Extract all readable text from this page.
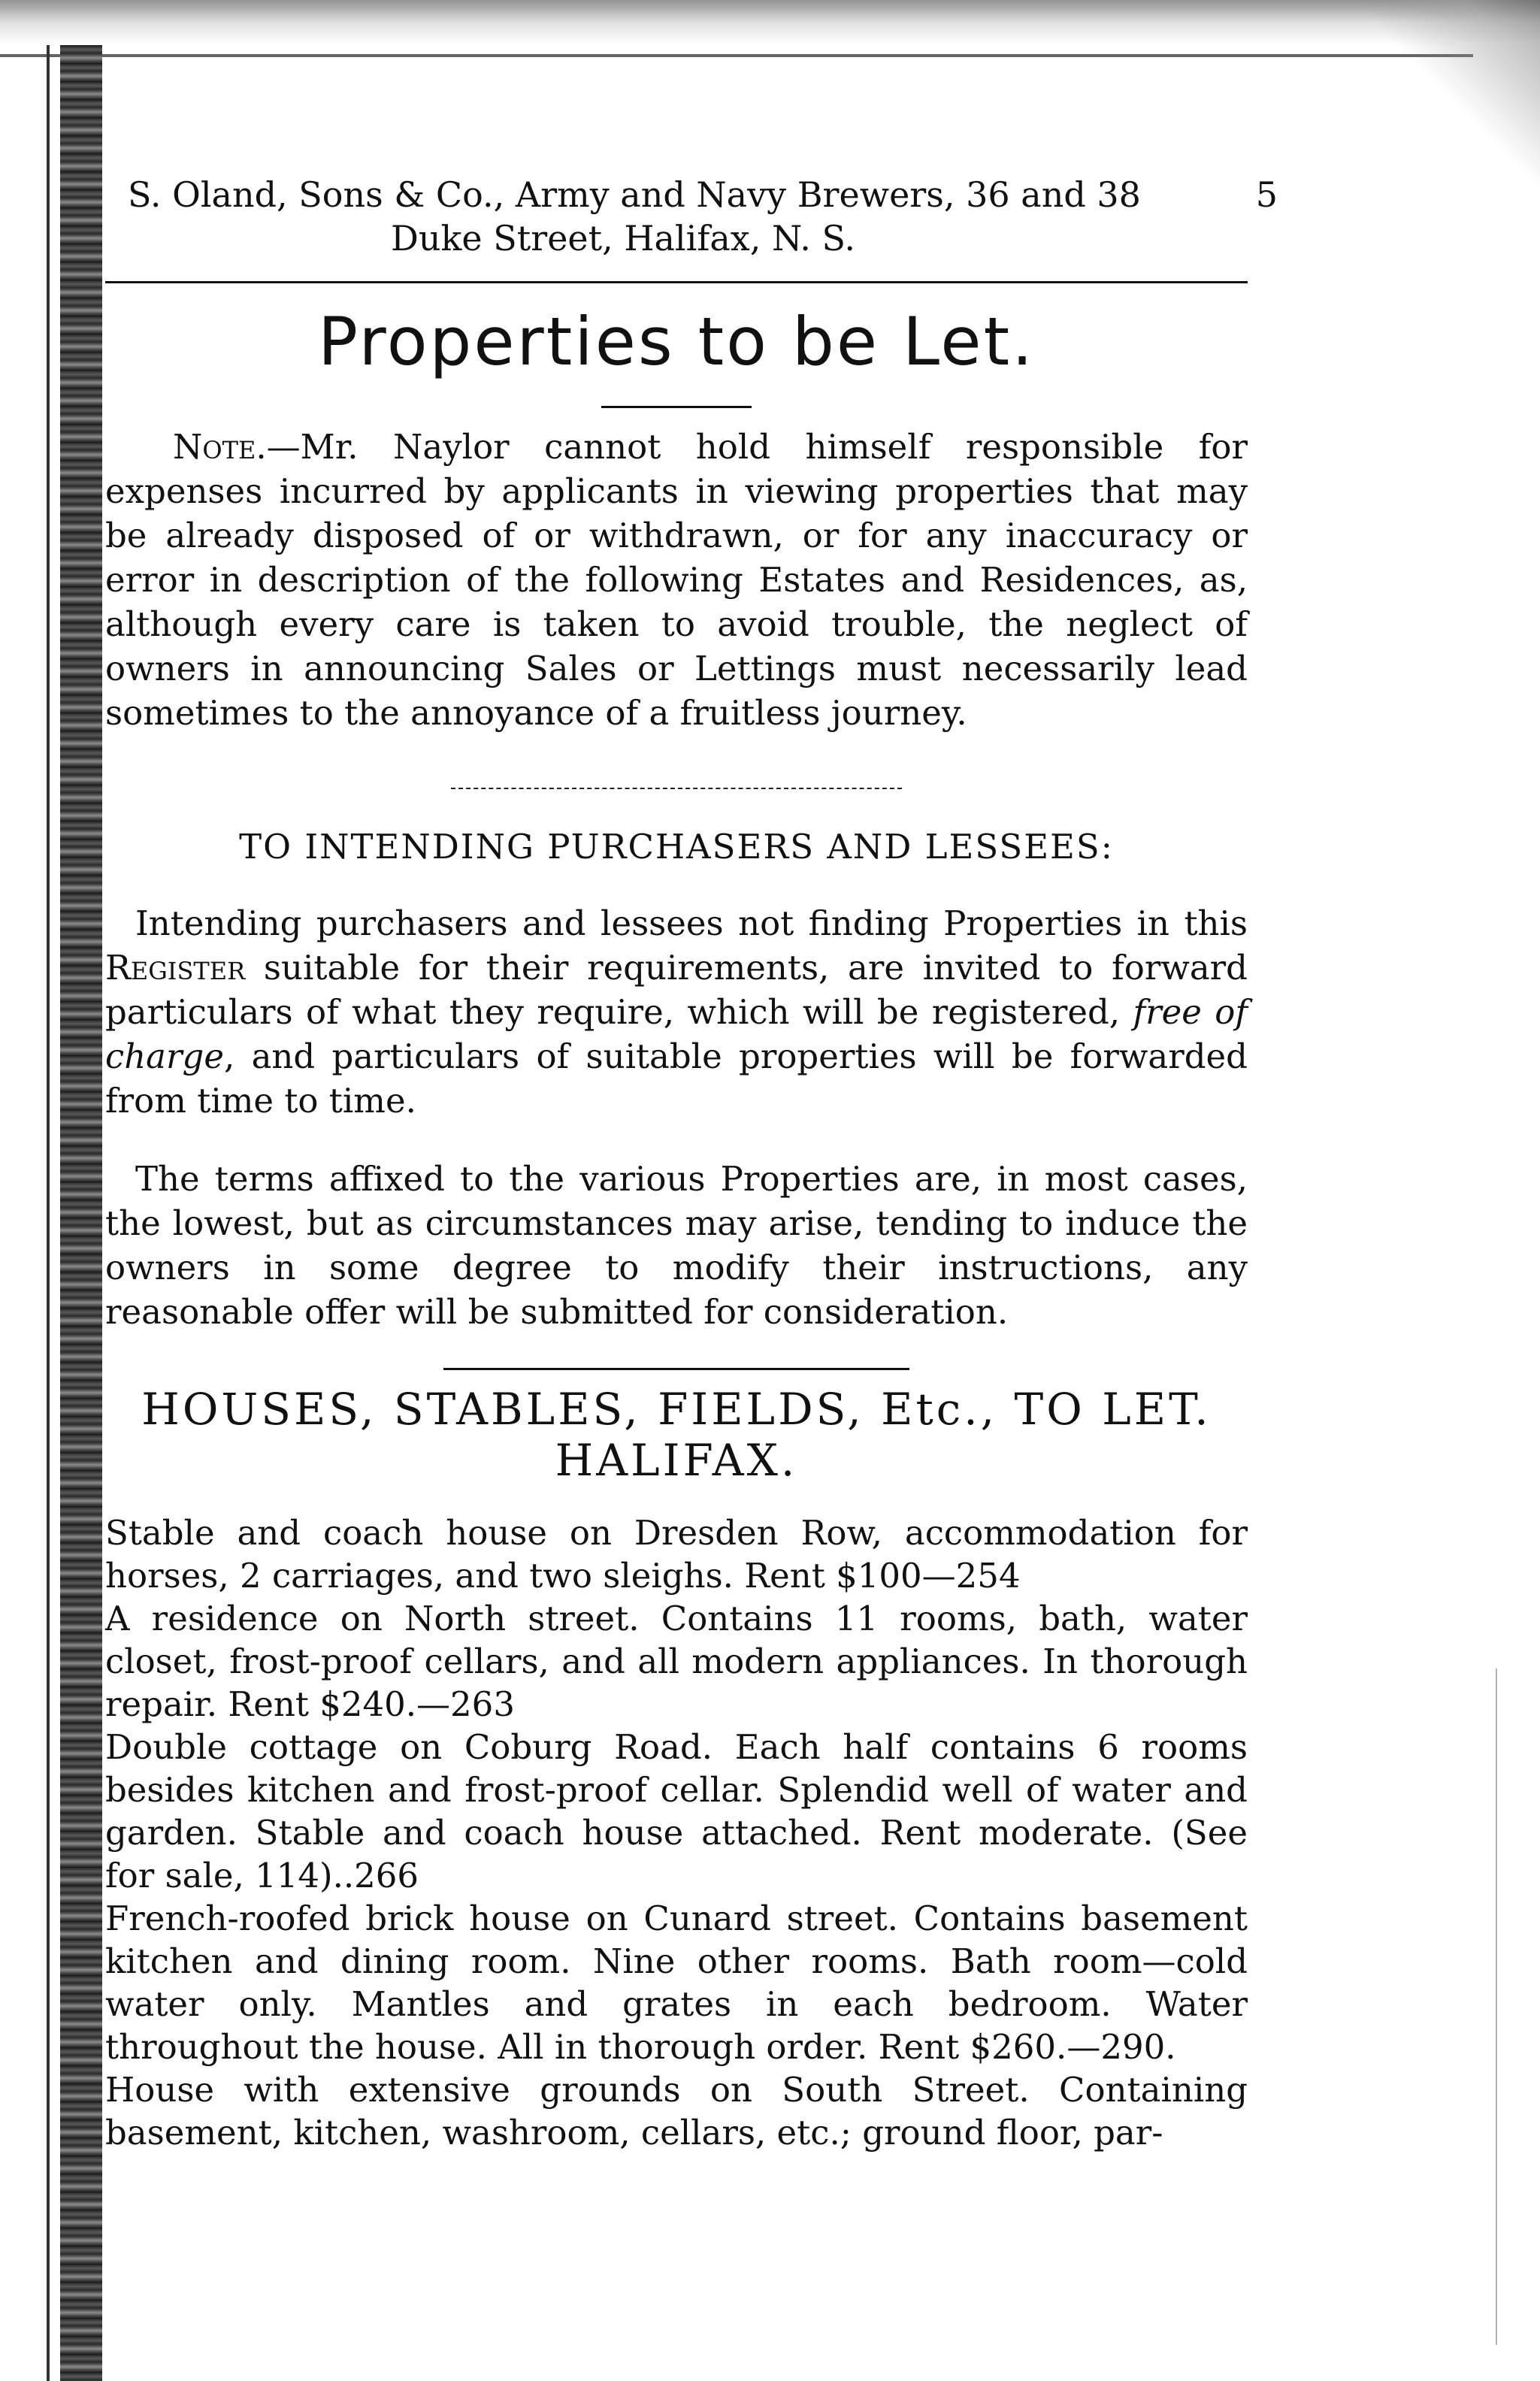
S. Oland, Sons & Co., Army and Navy Brewers, 36 and 38
Duke Street, Halifax, N. S.
5
Properties to be Let.

Note.—Mr. Naylor cannot hold himself responsible for expenses incurred by applicants in viewing properties that may be already disposed of or withdrawn, or for any inaccuracy or error in description of the following Estates and Residences, as, although every care is taken to avoid trouble, the neglect of owners in announcing Sales or Lettings must necessarily lead sometimes to the annoyance of a fruitless journey.

TO INTENDING PURCHASERS AND LESSEES:

Intending purchasers and lessees not finding Properties in this Register suitable for their requirements, are invited to forward particulars of what they require, which will be registered, free of charge, and particulars of suitable properties will be forwarded from time to time.

The terms affixed to the various Properties are, in most cases, the lowest, but as circumstances may arise, tending to induce the owners in some degree to modify their instructions, any reasonable offer will be submitted for consideration.

HOUSES, STABLES, FIELDS, Etc., TO LET.
HALIFAX.

Stable and coach house on Dresden Row, accommodation for horses, 2 carriages, and two sleighs. Rent $100—254

A residence on North street. Contains 11 rooms, bath, water closet, frost-proof cellars, and all modern appliances. In thorough repair. Rent $240.—263

Double cottage on Coburg Road. Each half contains 6 rooms besides kitchen and frost-proof cellar. Splendid well of water and garden. Stable and coach house attached. Rent moderate. (See for sale, 114)..266

French-roofed brick house on Cunard street. Contains basement kitchen and dining room. Nine other rooms. Bath room—cold water only. Mantles and grates in each bedroom. Water throughout the house. All in thorough order. Rent $260.—290.

House with extensive grounds on South Street. Containing basement, kitchen, washroom, cellars, etc.; ground floor, par-
